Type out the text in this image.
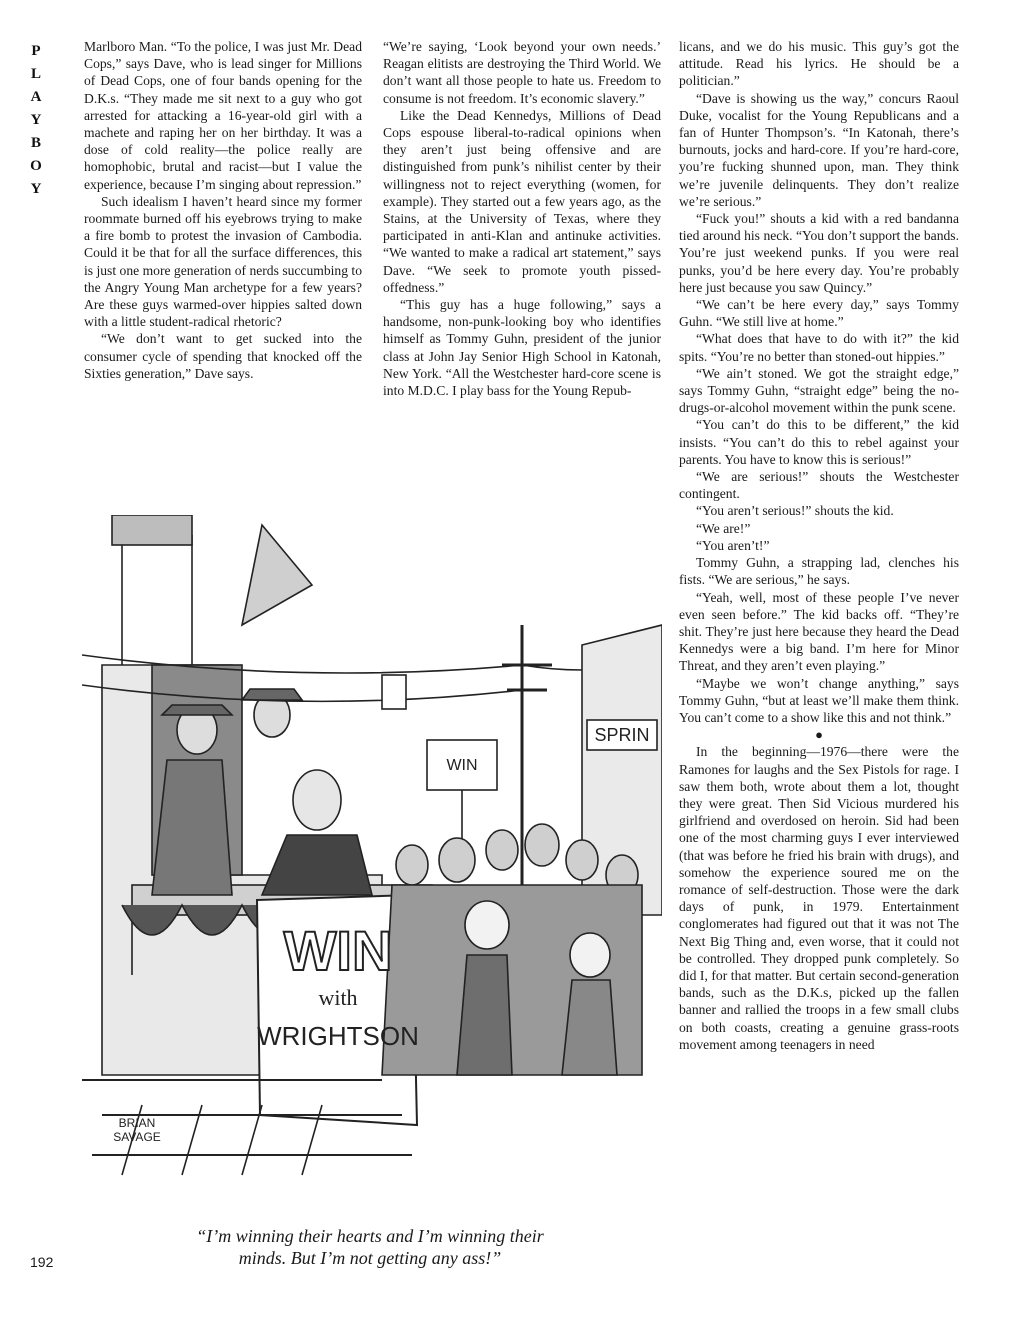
P
L
A
Y
B
O
Y

Marlboro Man. “To the police, I was just Mr. Dead Cops,” says Dave, who is lead singer for Millions of Dead Cops, one of four bands opening for the D.K.s. “They made me sit next to a guy who got arrested for attacking a 16-year-old girl with a machete and raping her on her birthday. It was a dose of cold reality—the police really are homophobic, brutal and racist—but I value the experience, because I’m singing about repression.”

Such idealism I haven’t heard since my former roommate burned off his eyebrows trying to make a fire bomb to protest the invasion of Cambodia. Could it be that for all the surface differences, this is just one more generation of nerds succumbing to the Angry Young Man archetype for a few years? Are these guys warmed-over hippies salted down with a little student-radical rhetoric?

“We don’t want to get sucked into the consumer cycle of spending that knocked off the Sixties generation,” Dave says.

“We’re saying, ‘Look beyond your own needs.’ Reagan elitists are destroying the Third World. We don’t want all those people to hate us. Freedom to consume is not freedom. It’s economic slavery.”

Like the Dead Kennedys, Millions of Dead Cops espouse liberal-to-radical opinions when they aren’t just being offensive and are distinguished from punk’s nihilist center by their willingness not to reject everything (women, for example). They started out a few years ago, as the Stains, at the University of Texas, where they participated in anti-Klan and antinuke activities. “We wanted to make a radical art statement,” says Dave. “We seek to promote youth pissed-offedness.”

“This guy has a huge following,” says a handsome, non-punk-looking boy who identifies himself as Tommy Guhn, president of the junior class at John Jay Senior High School in Katonah, New York. “All the Westchester hard-core scene is into M.D.C. I play bass for the Young Repub-

licans, and we do his music. This guy’s got the attitude. Read his lyrics. He should be a politician.”

“Dave is showing us the way,” concurs Raoul Duke, vocalist for the Young Republicans and a fan of Hunter Thompson’s. “In Katonah, there’s burnouts, jocks and hard-core. If you’re hard-core, you’re fucking shunned upon, man. They think we’re juvenile delinquents. They don’t realize we’re serious.”

“Fuck you!” shouts a kid with a red bandanna tied around his neck. “You don’t support the bands. You’re just weekend punks. If you were real punks, you’d be here every day. You’re probably here just because you saw Quincy.”

“We can’t be here every day,” says Tommy Guhn. “We still live at home.”

“What does that have to do with it?” the kid spits. “You’re no better than stoned-out hippies.”

“We ain’t stoned. We got the straight edge,” says Tommy Guhn, “straight edge” being the no-drugs-or-alcohol movement within the punk scene.

“You can’t do this to be different,” the kid insists. “You can’t do this to rebel against your parents. You have to know this is serious!”

“We are serious!” shouts the Westchester contingent.

“You aren’t serious!” shouts the kid.

“We are!”

“You aren’t!”

Tommy Guhn, a strapping lad, clenches his fists. “We are serious,” he says.

“Yeah, well, most of these people I’ve never even seen before.” The kid backs off. “They’re shit. They’re just here because they heard the Dead Kennedys were a big band. I’m here for Minor Threat, and they aren’t even playing.”

“Maybe we won’t change anything,” says Tommy Guhn, “but at least we’ll make them think. You can’t come to a show like this and not think.”

●

In the beginning—1976—there were the Ramones for laughs and the Sex Pistols for rage. I saw them both, wrote about them a lot, thought they were great. Then Sid Vicious murdered his girlfriend and overdosed on heroin. Sid had been one of the most charming guys I ever interviewed (that was before he fried his brain with drugs), and somehow the experience soured me on the romance of self-destruction. Those were the dark days of punk, in 1979. Entertainment conglomerates had figured out that it was not The Next Big Thing and, even worse, that it could not be controlled. They dropped punk completely. So did I, for that matter. But certain second-generation bands, such as the D.K.s, picked up the fallen banner and rallied the troops in a few small clubs on both coasts, creating a genuine grass-roots movement among teenagers in need

WIN
with
WRIGHTSON
WIN
SPRIN
BRIAN
SAVAGE
“I’m winning their hearts and I’m winning their
minds. But I’m not getting any ass!”
192
